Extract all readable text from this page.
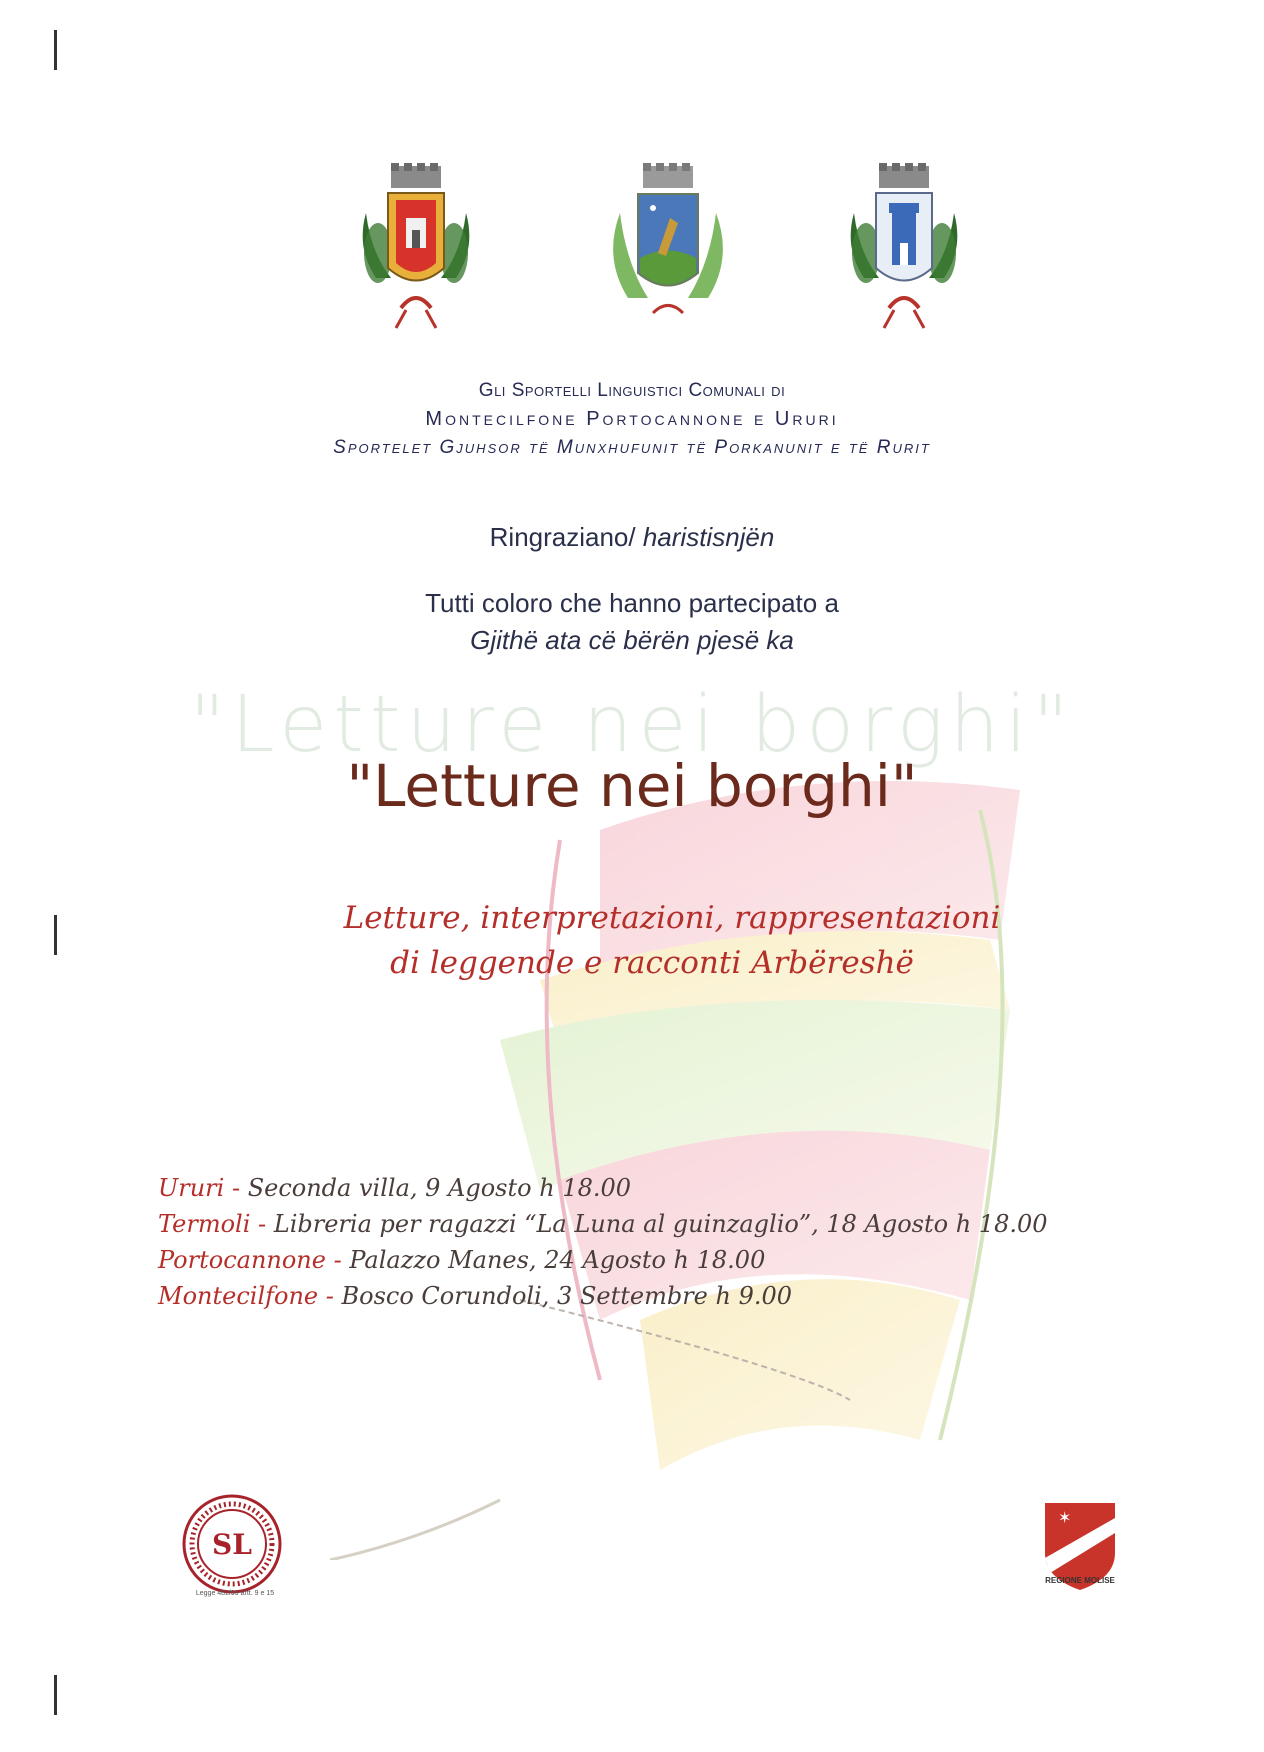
Gli Sportelli Linguistici Comunali di
Montecilfone Portocannone e Ururi
Sportelet Gjuhsor të Munxhufunit të Porkanunit e të Rurit
Ringraziano/ haristisnjën
Tutti coloro che hanno partecipato a
Gjithë ata cë bërën pjesë ka
"Letture nei borghi"
"Letture nei borghi"
Letture, interpretazioni, rappresentazioni
di leggende e racconti Arbëreshë
Ururi - Seconda villa, 9 Agosto h 18.00
Termoli - Libreria per ragazzi “La Luna al guinzaglio”, 18 Agosto h 18.00
Portocannone - Palazzo Manes, 24 Agosto h 18.00
Montecilfone - Bosco Corundoli, 3 Settembre h 9.00
SL
Legge 482/99 artt. 9 e 15
✶
REGIONE MOLISE
